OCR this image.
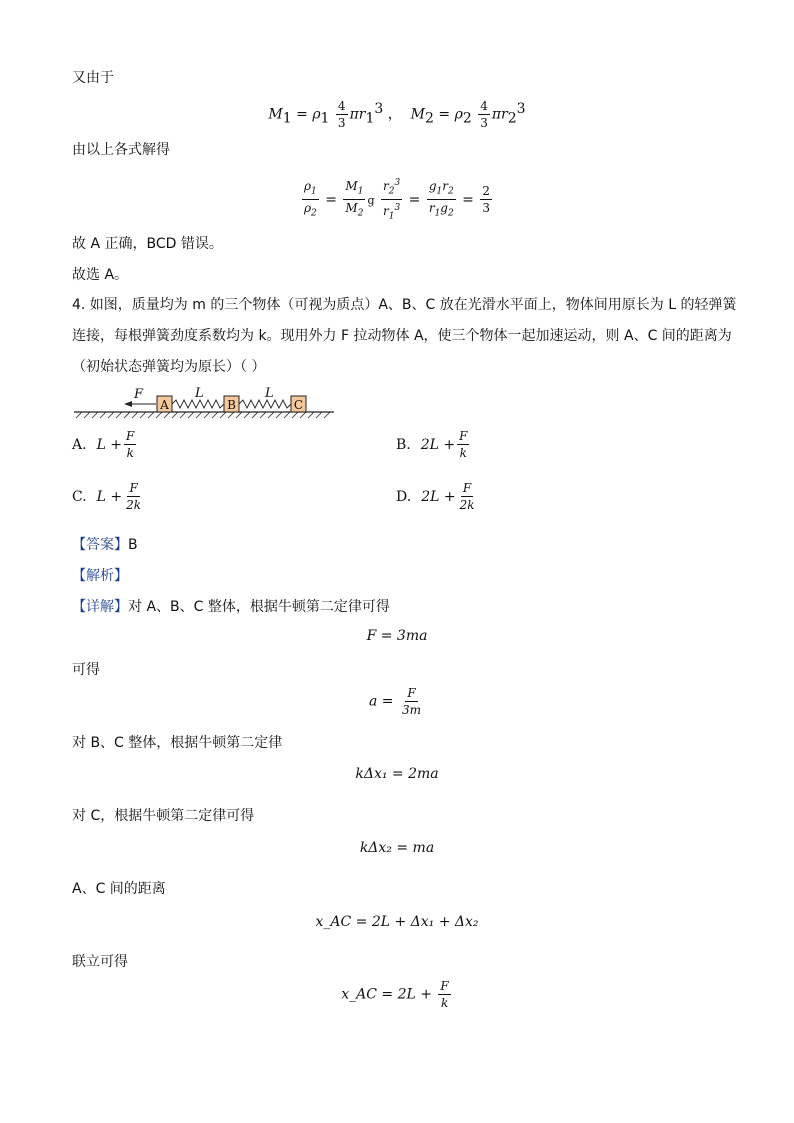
又由于
$M_1 = \rho_1 \frac{4}{3} \pi r_1^3$ ，  $M_2 = \rho_2 \frac{4}{3} \pi r_2^3$
由以上各式解得
$\frac{\rho_1}{\rho_2} = \frac{M_1}{M_2}$ g $\frac{r_2^3}{r_1^3} = \frac{g_1r_2}{r_1g_2} = \frac{2}{3}$
故 A 正确，BCD 错误。
故选 A。
4. 如图，质量均为 m 的三个物体（可视为质点）A、B、C 放在光滑水平面上，物体间用原长为 L 的轻弹簧
连接，每根弹簧劲度系数均为 k。现用外力 F 拉动物体 A，使三个物体一起加速运动，则 A、C 间的距离为
（初始状态弹簧均为原长）（ ）
F	L	L
A	B	C
A. $L + \frac{F}{k}$	B. $2L + \frac{F}{k}$
C. $L + \frac{F}{2k}$	D. $2L + \frac{F}{2k}$
【答案】B
【解析】
【详解】对 A、B、C 整体，根据牛顿第二定律可得
F = 3ma
可得
$a = \frac{F}{3m}$
对 B、C 整体，根据牛顿第二定律
kΔx₁ = 2ma
对 C，根据牛顿第二定律可得
kΔx₂ = ma
A、C 间的距离
x_AC = 2L + Δx₁ + Δx₂
联立可得
x_AC = $2L + \frac{F}{k}$
